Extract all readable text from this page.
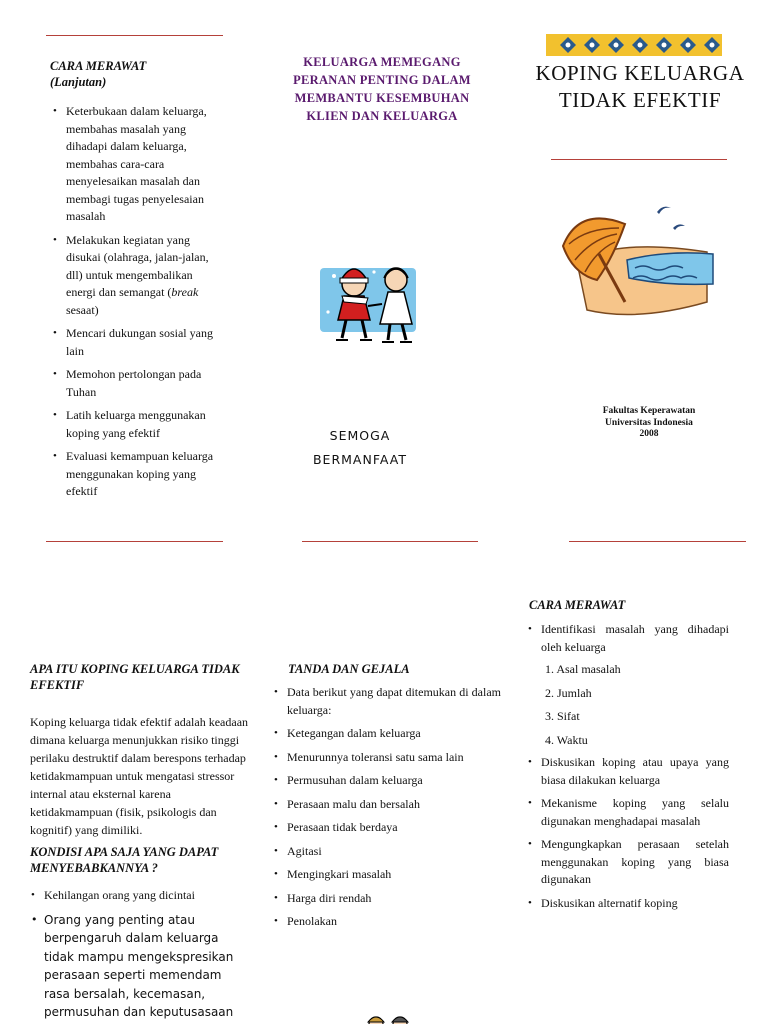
CARA MERAWAT
(Lanjutan)
• Keterbukaan dalam keluarga, membahas masalah yang dihadapi dalam keluarga, membahas cara-cara menyelesaikan masalah dan membagi tugas penyelesaian masalah
• Melakukan kegiatan yang disukai (olahraga, jalan-jalan, dll) untuk mengembalikan energi dan semangat (break sesaat)
• Mencari dukungan sosial yang lain
• Memohon pertolongan pada Tuhan
• Latih keluarga menggunakan koping yang efektif
• Evaluasi kemampuan keluarga menggunakan koping yang efektif
KELUARGA MEMEGANG PERANAN PENTING DALAM MEMBANTU KESEMBUHAN KLIEN DAN KELUARGA
SEMOGA
BERMANFAAT
KOPING KELUARGA TIDAK EFEKTIF
Fakultas Keperawatan
Universitas Indonesia
2008
APA ITU KOPING KELUARGA TIDAK EFEKTIF
Koping keluarga tidak efektif adalah keadaan dimana keluarga menunjukkan risiko tinggi perilaku destruktif dalam berespons terhadap ketidakmampuan untuk mengatasi stressor internal atau eksternal karena ketidakmampuan (fisik, psikologis dan kognitif) yang dimiliki.
KONDISI APA SAJA YANG DAPAT MENYEBABKANNYA ?
• Kehilangan orang yang dicintai
• Orang yang penting atau berpengaruh dalam keluarga tidak mampu mengekspresikan perasaan seperti memendam rasa bersalah, kecemasan, permusuhan dan keputusasaan
TANDA DAN GEJALA
• Data berikut yang dapat ditemukan di dalam keluarga:
• Ketegangan dalam keluarga
• Menurunnya toleransi satu sama lain
• Permusuhan dalam keluarga
• Perasaan malu dan bersalah
• Perasaan tidak berdaya
• Agitasi
• Mengingkari masalah
• Harga diri rendah
• Penolakan
CARA MERAWAT
• Identifikasi masalah yang dihadapi oleh keluarga
1. Asal masalah
2. Jumlah
3. Sifat
4. Waktu
• Diskusikan koping atau upaya yang biasa dilakukan keluarga
• Mekanisme koping yang selalu digunakan menghadapai masalah
• Mengungkapkan perasaan setelah menggunakan koping yang biasa digunakan
• Diskusikan alternatif koping
